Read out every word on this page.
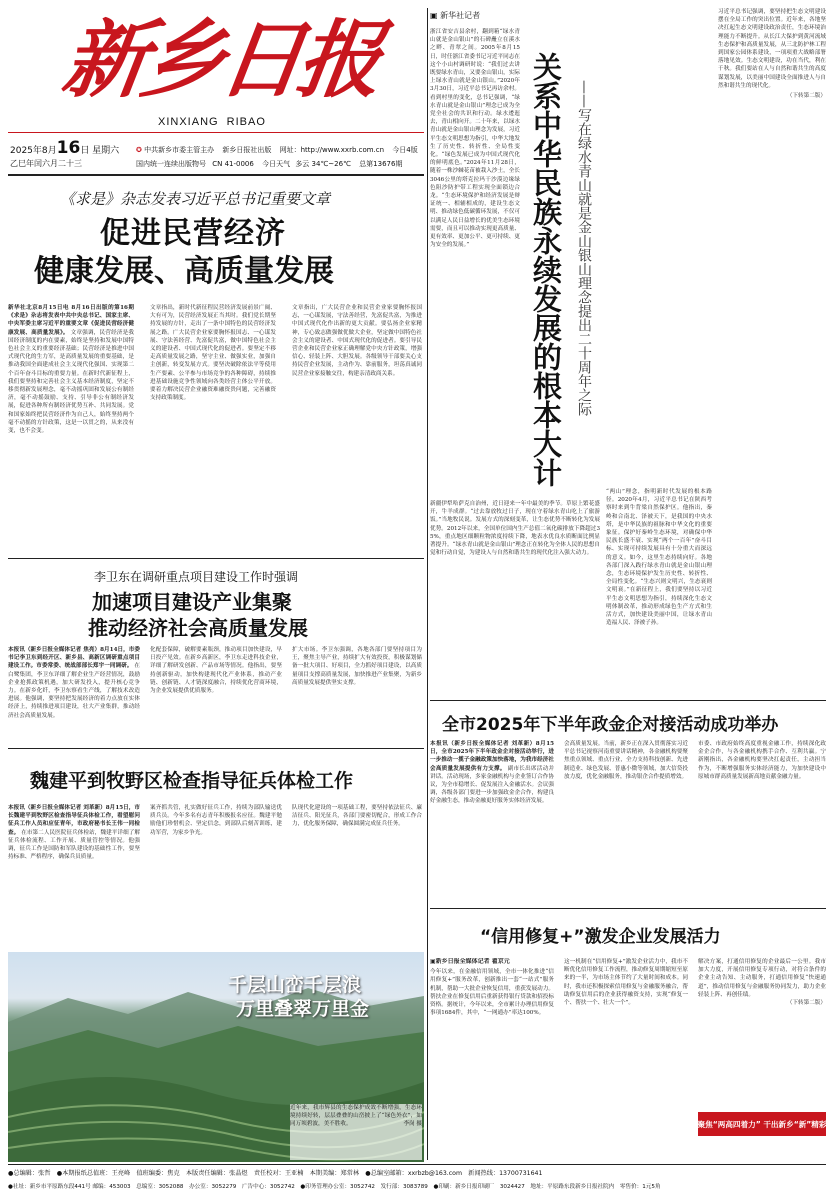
新乡日报
XINXIANG  RIBAO
2025年8月16日 星期六
乙巳年闰六月二十三
✪ 中共新乡市委主管主办 新乡日报社出版 网址：http://www.xxrb.com.cn 今日4版
国内统一连续出版物号 CN 41-0006 今日天气 多云 34℃~26℃ 总第13676期
《求是》杂志发表习近平总书记重要文章
促进民营经济
健康发展、高质量发展
新华社北京8月15日电 8月16日出版的第16期《求是》杂志将发表中共中央总书记、国家主席、中央军委主席习近平的重要文章《促进民营经济健康发展、高质量发展》。 文章强调，民营经济是我国经济制度的内在要素，始终是坚持和发展中国特色社会主义的重要经济基础；民营经济是推进中国式现代化的生力军，是高质量发展的重要基础，是推动我国全面建成社会主义现代化强国、实现第二个百年奋斗目标的重要力量。在新时代新征程上，我们要坚持和完善社会主义基本经济制度，坚定不移贯彻新发展理念，毫不动摇巩固和发展公有制经济，毫不动摇鼓励、支持、引导非公有制经济发展，促进各种所有制经济优势互补、共同发展。党和国家始终把民营经济作为自己人，始终坚持两个毫不动摇的方针政策，这是一以贯之的，从来没有变，也不会变。
文章指出，新时代新征程民营经济发展前景广阔、大有可为，民营经济发展正当其时。我们党长期坚持发展的方针，走出了一条中国特色的民营经济发展之路。广大民营企业家要胸怀报国志、一心谋发展、守法善经营、先富促共富，做中国特色社会主义的建设者、中国式现代化的促进者。要坚定不移走高质量发展之路，坚守主业、做强实业，加强自主创新，转变发展方式。要坚决破除依法平等使用生产要素、公平参与市场竞争的各种障碍，持续推进基础设施竞争性领域向各类经营主体公平开放。要着力解决民营企业融资难融资贵问题，完善融资支持政策制度。
文章指出，广大民营企业和民营企业家要胸怀报国志，一心谋发展，守法善经营，先富促共富，为推进中国式现代化作出新的更大贡献。要弘扬企业家精神，专心致志做强做优做大企业，坚定做中国特色社会主义的建设者、中国式现代化的促进者。要引导民营企业和民营企业家正确理解党中央方针政策，增强信心、轻装上阵、大胆发展。各级领导干部要关心支持民营企业发展，主动作为、靠前服务，坦荡真诚同民营企业家接触交往，构建亲清政商关系。
李卫东在调研重点项目建设工作时强调
加速项目建设产业集聚
推动经济社会高质量发展
本报讯（新乡日报全媒体记者 焦亮）8月14日，市委书记李卫东到经开区、新乡县、高新区调研重点项目建设工作。市委常委、统战部部长郑宇一同调研。 在白鹭集团，李卫东详细了解企业生产经营情况，鼓励企业抢抓政策机遇，加大研发投入，提升核心竞争力。在新乡化纤，李卫东察看生产线，了解技术改造进展。他强调，要坚持把发展经济的着力点放在实体经济上，持续推进项目建设，壮大产业集群，推动经济社会高质量发展。
化配套保障，破解要素瓶颈，推动项目加快建设，早日投产见效。在新乡高新区，李卫东走进科技企业，详细了解研发创新、产品市场等情况。他指出，要坚持创新驱动，加快构建现代化产业体系，推动产业链、创新链、人才链深度融合，持续优化营商环境，为企业发展提供优质服务。
扩大市场。李卫东强调，各地各部门要坚持项目为王，聚焦主导产业，持续扩大有效投资，积极谋划储备一批大项目、好项目，全力抓好项目建设，以高质量项目支撑高质量发展，加快推进产业集聚，为新乡高质量发展提供坚实支撑。
魏建平到牧野区检查指导征兵体检工作
本报讯（新乡日报全媒体记者 刘革新）8月15日，市长魏建平到牧野区检查指导征兵体检工作，看望慰问征兵工作人员和应征青年，市政府秘书长王伟一同检查。 在市第二人民医院征兵体检站，魏建平详细了解征兵体检流程、工作开展、质量管控等情况。他强调，征兵工作是国防和军队建设的基础性工作，要坚持标准、严格程序，确保兵员质量。
案齐抓共管，扎实做好征兵工作，持续为部队输送优质兵员。今年多名有志青年积极报名应征。魏建平勉励他们珍惜机会、坚定信念，到部队后刻苦训练，建功军营，为家乡争光。
队现代化建设的一项基础工程，要坚持依法征兵、廉洁征兵、阳光征兵，各部门要密切配合，形成工作合力，优化服务保障，确保圆满完成征兵任务。
千层山峦千层浪
万里叠翠万里金
近年来，我市辉县的生态保护成效不断增强，生态环境持续好转，层层叠叠的山峦披上了“绿色外衣”，如同万顷碧波，美不胜收。	李岗 摄
▣ 新华社记者
浙江省安吉县余村，翻到箱“绿水青山就是金山银山”的石碑矗立在溪水之畔、青翠之间。2005年8月15日，时任浙江省委书记习近平同志在这个小山村调研时说：“我们过去讲既要绿水青山，又要金山银山，实际上绿水青山就是金山银山。”2020年3月30日，习近平总书记再访余村。看到村里的变化，总书记强调，“绿水青山就是金山银山”理念已成为全党全社会的共识和行动。绿水逶迤去，青山相向开。二十年来，以绿水青山就是金山银山理念为发展，习近平生态文明思想为指引，中华大地发生了历史性、转折性、全局性变化。“绿色发展已成为中国式现代化的鲜明底色。”2024年11月28日，随着一株沙棘花苗被栽入沙土，全长3046公里的塔克拉玛干沙漠边缘绿色阻沙防护带工程实现全面锁边合龙。“生态环境保护和经济发展是辩证统一、相辅相成的，建设生态文明、推动绿色低碳循环发展，不仅可以满足人民日益增长的优美生态环境需要，而且可以推动实现更高质量、更有效率、更加公平、更可持续、更为安全的发展。”	关系中华民族永续发展的根本大计 ——写在绿水青山就是金山银山理念提出二十周年之际
新疆伊犁哈萨克自治州，近日迎来一年中最美的季节。草原上繁花盛开，牛羊成群。“过去靠放牧过日子，现在守着绿水青山吃上了旅游饭。”当地牧民说。发展方式的深刻变革，让生态优势不断转化为发展优势。2012年以来，全国单位国内生产总值二氧化碳排放下降超过35%，重点地区细颗粒物浓度持续下降，地表水优良水质断面比例显著提升。“绿水青山就是金山银山”理念正在转化为全体人民的思想自觉和行动自觉，为建设人与自然和谐共生的现代化注入强大动力。
“两山”理念，指明新时代发展的根本路径。2020年4月，习近平总书记在陕西考察时来到牛背梁自然保护区。他指出，秦岭和合南北、泽被天下，是我国的中央水塔，是中华民族的祖脉和中华文化的重要象征。保护好秦岭生态环境，对确保中华民族长盛不衰、实现“两个一百年”奋斗目标、实现可持续发展具有十分重大而深远的意义。如今，这里生态持续向好。各地各部门深入践行绿水青山就是金山银山理念，生态环境保护发生历史性、转折性、全局性变化。“生态兴则文明兴，生态衰则文明衰。”在新征程上，我们要坚持以习近平生态文明思想为指引，持续深化生态文明体制改革，推动形成绿色生产方式和生活方式，加快建设美丽中国，让绿水青山造福人民、泽被子孙。
习近平总书记强调，要坚持把生态文明建设摆在全局工作的突出位置。近年来，各地坚决扛起生态文明建设政治责任，生态环境治理能力不断提升。从长江大保护到黄河流域生态保护和高质量发展，从三北防护林工程到国家公园体系建设，一项项重大战略部署落地见效。生态文明建设，功在当代，利在千秋。我们要站在人与自然和谐共生的高度谋划发展，以美丽中国建设全面推进人与自然和谐共生的现代化。
（下转第二版）
全市2025年下半年政金企对接活动成功举办
本报讯（新乡日报全媒体记者 刘革新）8月15日，全市2025年下半年政金企对接活动举行，进一步推动一揽子金融政策加快落地，为我市经济社会高质量发展提供有力支撑。 副市长出席活动并讲话。活动现场，多家金融机构与企业签订合作协议，为全市稳增长、促发展注入金融活水。会议强调，各级各部门要进一步加强政金企合作，构建良好金融生态，推动金融更好服务实体经济发展。
会高质量发展。当前，新乡正在深入贯彻落实习近平总书记视察河南重要讲话精神，各金融机构要聚焦重点领域、重点行业，全力支持科技创新、先进制造业、绿色发展、普惠小微等领域，加大信贷投放力度，优化金融服务，推动银企合作提质增效。
市委、市政府始终高度重视金融工作，持续深化政金企合作，与各金融机构携手合作、互利共赢。宁新刚指出，各金融机构要坚决扛起责任，主动担当作为，不断增强服务实体经济能力，为加快建设中原城市群高质量发展新高地贡献金融力量。
“信用修复+”激发企业发展活力
▣新乡日报全媒体记者 翟京元
今年以来，在金融信用领域，全市一体化推进“信用修复+”服务改革，创新推出一套“一站式”服务机制，帮助一大批企业恢复信用，重获发展动力。帮扶企业在修复信用后重新获得银行贷款和招投标资格。据统计，今年以来，全市累计办理信用修复事项1684件，其中，“一网通办”率达100%。
这一机制在“信用修复+”激发企业活力中，我市不断优化信用修复工作流程，推动修复周期缩短至原来的一半，为市场主体节约了大量时间和成本。同时，我市还积极探索信用修复与金融服务融合，帮助修复信用后的企业获得融资支持，实现“修复一个、帮扶一个、壮大一个”。
解决方案，打通信用修复的企业最后一公里。我市加大力度，开展信用修复专项行动，对符合条件的企业主动告知、主动服务，打通信用修复“快速通道”，推动信用修复与金融服务协同发力，助力企业轻装上阵、再创佳绩。
（下转第二版）
聚焦“两高四着力” 干出新乡“新”精彩
●总编辑：张哲　●本期报纸总值班：王亮峰　值班编委：焦克　本版责任编辑：张晶煜　责任校对：王亚楠　本期美编：郑常林　●总编室邮箱：xxrbzb@163.com　新闻热线：13700731641
●社址：新乡市平原路东段441号 邮编：453003　总编室：3052088　办公室：3052279　广告中心：3052742　●印务管理办公室：3052742　发行部：3083789　●印刷：新乡日报印刷厂　3024427　地址：平原路东段新乡日报社院内　零售价：1元5角
